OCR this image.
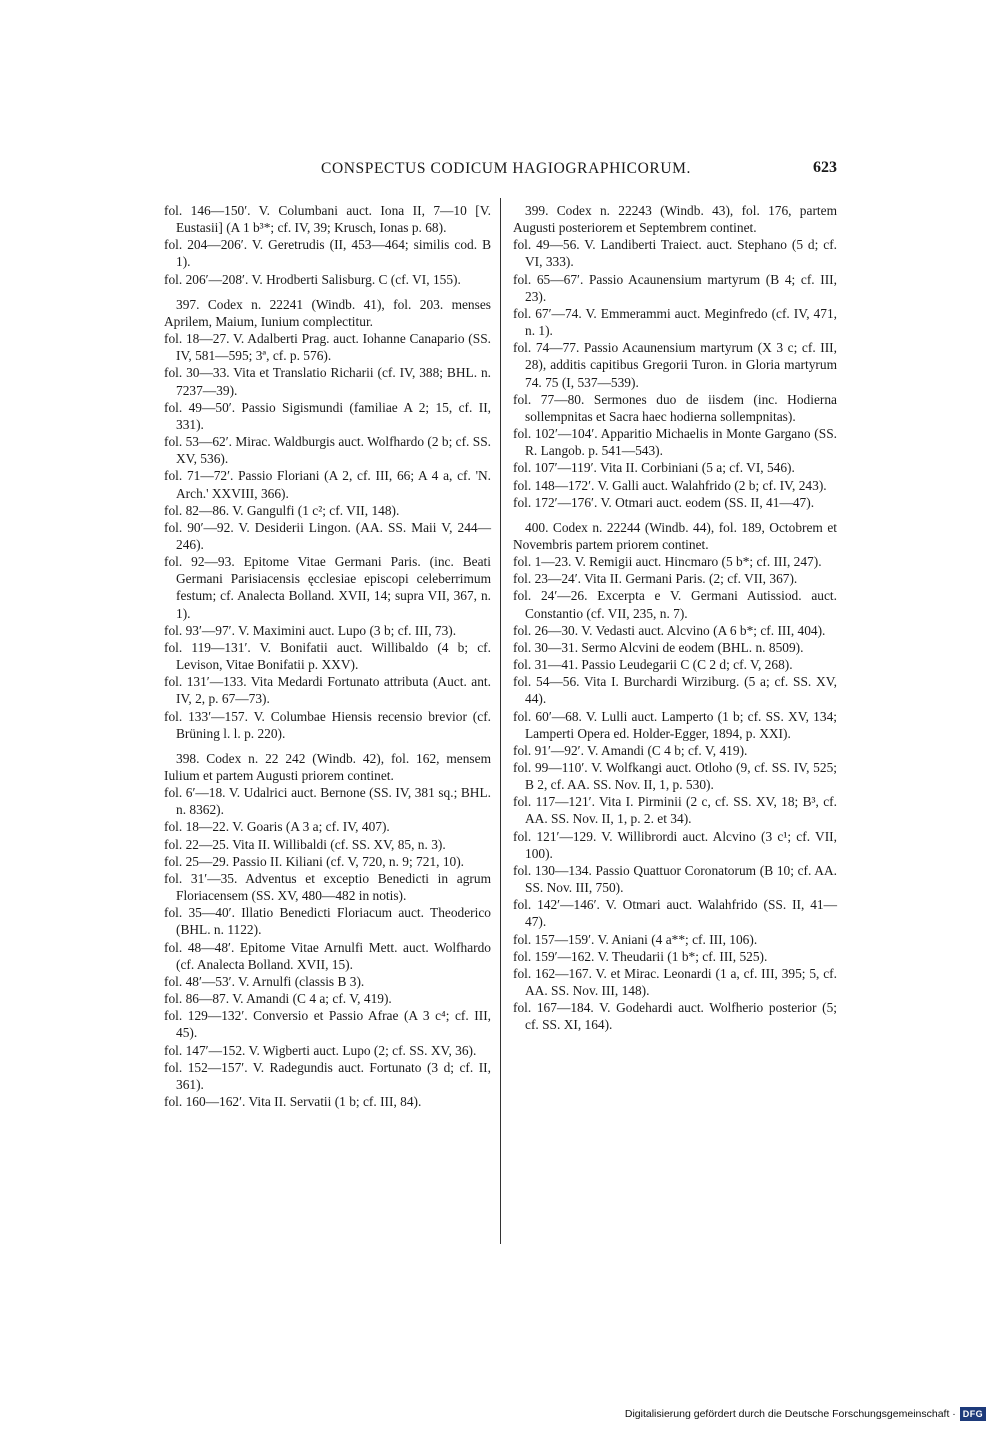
CONSPECTUS CODICUM HAGIOGRAPHICORUM.	623

fol. 146—150′. V. Columbani auct. Iona II, 7—10 [V. Eustasii] (A 1 b³*; cf. IV, 39; Krusch, Ionas p. 68).

fol. 204—206′. V. Geretrudis (II, 453—464; similis cod. B 1).

fol. 206′—208′. V. Hrodberti Salisburg. C (cf. VI, 155).

397. Codex n. 22241 (Windb. 41), fol. 203. menses Aprilem, Maium, Iunium complectitur.

fol. 18—27. V. Adalberti Prag. auct. Iohanne Canapario (SS. IV, 581—595; 3ª, cf. p. 576).

fol. 30—33. Vita et Translatio Richarii (cf. IV, 388; BHL. n. 7237—39).

fol. 49—50′. Passio Sigismundi (familiae A 2; 15, cf. II, 331).

fol. 53—62′. Mirac. Waldburgis auct. Wolfhardo (2 b; cf. SS. XV, 536).

fol. 71—72′. Passio Floriani (A 2, cf. III, 66; A 4 a, cf. 'N. Arch.' XXVIII, 366).

fol. 82—86. V. Gangulfi (1 c²; cf. VII, 148).

fol. 90′—92. V. Desiderii Lingon. (AA. SS. Maii V, 244—246).

fol. 92—93. Epitome Vitae Germani Paris. (inc. Beati Germani Parisiacensis ęcclesiae episcopi celeberrimum festum; cf. Analecta Bolland. XVII, 14; supra VII, 367, n. 1).

fol. 93′—97′. V. Maximini auct. Lupo (3 b; cf. III, 73).

fol. 119—131′. V. Bonifatii auct. Willibaldo (4 b; cf. Levison, Vitae Bonifatii p. XXV).

fol. 131′—133. Vita Medardi Fortunato attributa (Auct. ant. IV, 2, p. 67—73).

fol. 133′—157. V. Columbae Hiensis recensio brevior (cf. Brüning l. l. p. 220).

398. Codex n. 22 242 (Windb. 42), fol. 162, mensem Iulium et partem Augusti priorem continet.

fol. 6′—18. V. Udalrici auct. Bernone (SS. IV, 381 sq.; BHL. n. 8362).

fol. 18—22. V. Goaris (A 3 a; cf. IV, 407).

fol. 22—25. Vita II. Willibaldi (cf. SS. XV, 85, n. 3).

fol. 25—29. Passio II. Kiliani (cf. V, 720, n. 9; 721, 10).

fol. 31′—35. Adventus et exceptio Benedicti in agrum Floriacensem (SS. XV, 480—482 in notis).

fol. 35—40′. Illatio Benedicti Floriacum auct. Theoderico (BHL. n. 1122).

fol. 48—48′. Epitome Vitae Arnulfi Mett. auct. Wolfhardo (cf. Analecta Bolland. XVII, 15).

fol. 48′—53′. V. Arnulfi (classis B 3).

fol. 86—87. V. Amandi (C 4 a; cf. V, 419).

fol. 129—132′. Conversio et Passio Afrae (A 3 c⁴; cf. III, 45).

fol. 147′—152. V. Wigberti auct. Lupo (2; cf. SS. XV, 36).

fol. 152—157′. V. Radegundis auct. Fortunato (3 d; cf. II, 361).

fol. 160—162′. Vita II. Servatii (1 b; cf. III, 84).

399. Codex n. 22243 (Windb. 43), fol. 176, partem Augusti posteriorem et Septembrem continet.

fol. 49—56. V. Landiberti Traiect. auct. Stephano (5 d; cf. VI, 333).

fol. 65—67′. Passio Acaunensium martyrum (B 4; cf. III, 23).

fol. 67′—74. V. Emmerammi auct. Meginfredo (cf. IV, 471, n. 1).

fol. 74—77. Passio Acaunensium martyrum (X 3 c; cf. III, 28), additis capitibus Gregorii Turon. in Gloria martyrum 74. 75 (I, 537—539).

fol. 77—80. Sermones duo de iisdem (inc. Hodierna sollempnitas et Sacra haec hodierna sollempnitas).

fol. 102′—104′. Apparitio Michaelis in Monte Gargano (SS. R. Langob. p. 541—543).

fol. 107′—119′. Vita II. Corbiniani (5 a; cf. VI, 546).

fol. 148—172′. V. Galli auct. Walahfrido (2 b; cf. IV, 243).

fol. 172′—176′. V. Otmari auct. eodem (SS. II, 41—47).

400. Codex n. 22244 (Windb. 44), fol. 189, Octobrem et Novembris partem priorem continet.

fol. 1—23. V. Remigii auct. Hincmaro (5 b*; cf. III, 247).

fol. 23—24′. Vita II. Germani Paris. (2; cf. VII, 367).

fol. 24′—26. Excerpta e V. Germani Autissiod. auct. Constantio (cf. VII, 235, n. 7).

fol. 26—30. V. Vedasti auct. Alcvino (A 6 b*; cf. III, 404).

fol. 30—31. Sermo Alcvini de eodem (BHL. n. 8509).

fol. 31—41. Passio Leudegarii C (C 2 d; cf. V, 268).

fol. 54—56. Vita I. Burchardi Wirziburg. (5 a; cf. SS. XV, 44).

fol. 60′—68. V. Lulli auct. Lamperto (1 b; cf. SS. XV, 134; Lamperti Opera ed. Holder-Egger, 1894, p. XXI).

fol. 91′—92′. V. Amandi (C 4 b; cf. V, 419).

fol. 99—110′. V. Wolfkangi auct. Otloho (9, cf. SS. IV, 525; B 2, cf. AA. SS. Nov. II, 1, p. 530).

fol. 117—121′. Vita I. Pirminii (2 c, cf. SS. XV, 18; B³, cf. AA. SS. Nov. II, 1, p. 2. et 34).

fol. 121′—129. V. Willibrordi auct. Alcvino (3 c¹; cf. VII, 100).

fol. 130—134. Passio Quattuor Coronatorum (B 10; cf. AA. SS. Nov. III, 750).

fol. 142′—146′. V. Otmari auct. Walahfrido (SS. II, 41—47).

fol. 157—159′. V. Aniani (4 a**; cf. III, 106).

fol. 159′—162. V. Theudarii (1 b*; cf. III, 525).

fol. 162—167. V. et Mirac. Leonardi (1 a, cf. III, 395; 5, cf. AA. SS. Nov. III, 148).

fol. 167—184. V. Godehardi auct. Wolfherio posterior (5; cf. SS. XI, 164).

Digitalisierung gefördert durch die Deutsche Forschungsgemeinschaft · DFG
